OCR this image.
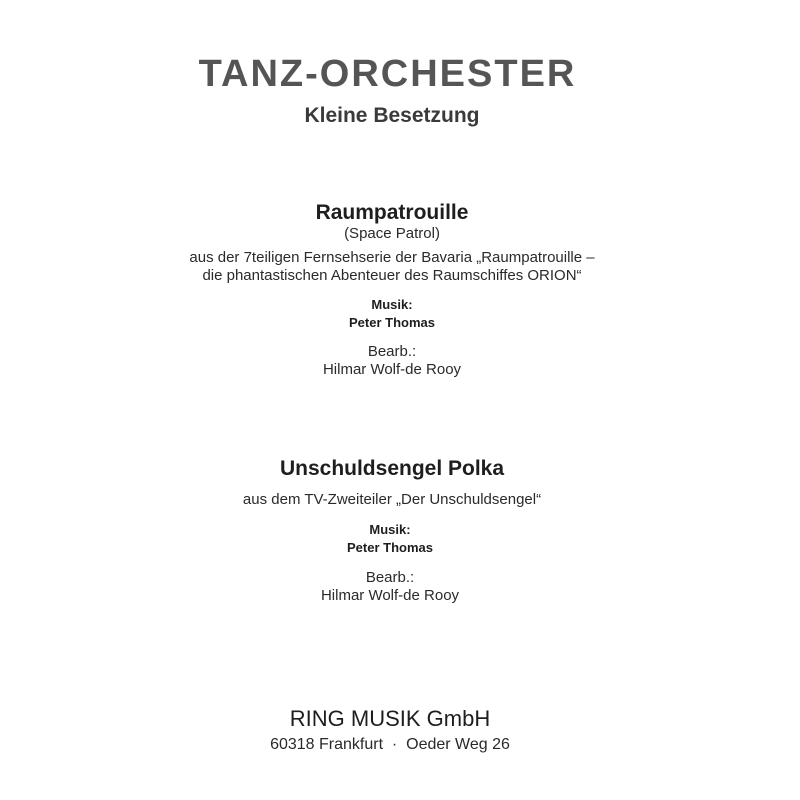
TANZ-ORCHESTER
Kleine Besetzung
Raumpatrouille
(Space Patrol)
aus der 7teiligen Fernsehserie der Bavaria „Raumpatrouille –
die phantastischen Abenteuer des Raumschiffes ORION“
Musik:
Peter Thomas
Bearb.:
Hilmar Wolf-de Rooy
Unschuldsengel Polka
aus dem TV-Zweiteiler „Der Unschuldsengel“
Musik:
Peter Thomas
Bearb.:
Hilmar Wolf-de Rooy
RING MUSIK GmbH
60318 Frankfurt  ·  Oeder Weg 26
